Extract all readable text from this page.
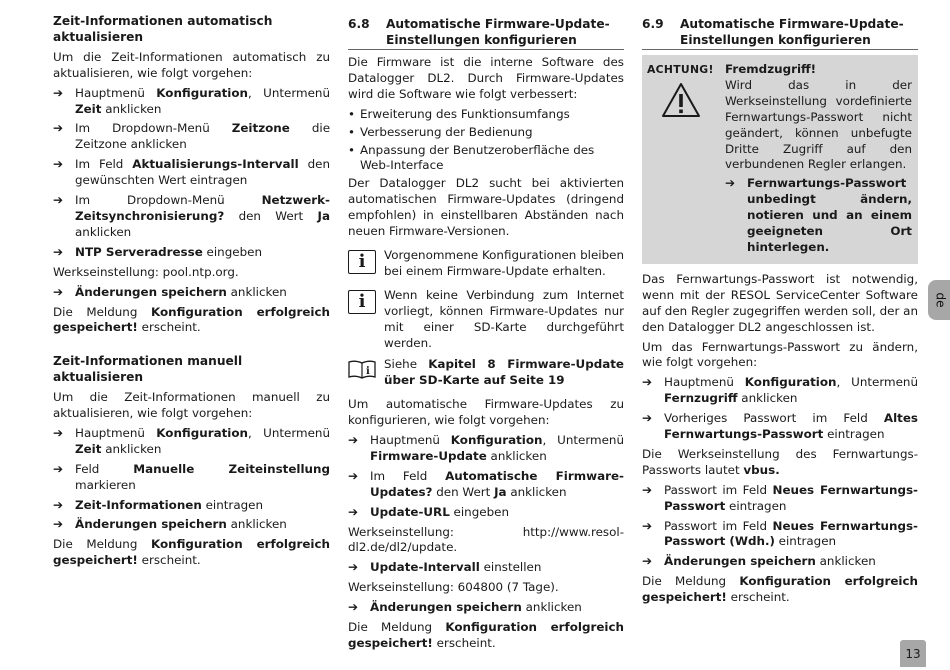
Zeit-Informationen automatisch aktualisieren

Um die Zeit-Informationen automatisch zu aktualisieren, wie folgt vorgehen:

➔	Hauptmenü Konfiguration, Untermenü Zeit anklicken
➔	Im Dropdown-Menü Zeitzone die Zeitzone anklicken
➔	Im Feld Aktualisierungs-Intervall den gewünschten Wert eintragen
➔	Im Dropdown-Menü Netzwerk-Zeitsynchronisierung? den Wert Ja anklicken
➔	NTP Serveradresse eingeben

Werkseinstellung: pool.ntp.org.

➔	Änderungen speichern anklicken

Die Meldung Konfiguration erfolgreich gespeichert! erscheint.

Zeit-Informationen manuell aktualisieren

Um die Zeit-Informationen manuell zu aktualisieren, wie folgt vorgehen:

➔	Hauptmenü Konfiguration, Untermenü Zeit anklicken
➔	Feld Manuelle Zeiteinstellung markieren
➔	Zeit-Informationen eintragen
➔	Änderungen speichern anklicken

Die Meldung Konfiguration erfolgreich gespeichert! erscheint.

6.8	Automatische Firmware-Update-Einstellungen konfigurieren

Die Firmware ist die interne Software des Datalogger DL2. Durch Firmware-Updates wird die Software wie folgt verbessert:

• Erweiterung des Funktionsumfangs
• Verbesserung der Bedienung
• Anpassung der Benutzeroberfläche des Web-Interface

Der Datalogger DL2 sucht bei aktivierten automatischen Firmware-Updates (dringend empfohlen) in einstellbaren Abständen nach neuen Firmware-Versionen.

i	Vorgenommene Konfigurationen bleiben bei einem Firmware-Update erhalten.
i	Wenn keine Verbindung zum Internet vorliegt, können Firmware-Updates nur mit einer SD-Karte durchgeführt werden.
i
Siehe Kapitel 8 Firmware-Update über SD-Karte auf Seite 19

Um automatische Firmware-Updates zu konfigurieren, wie folgt vorgehen:

➔	Hauptmenü Konfiguration, Untermenü Firmware-Update anklicken
➔	Im Feld Automatische Firmware-Updates? den Wert Ja anklicken
➔	Update-URL eingeben

Werkseinstellung: http://www.resol-dl2.de/dl2/update.

➔	Update-Intervall einstellen

Werkseinstellung: 604800 (7 Tage).

➔	Änderungen speichern anklicken

Die Meldung Konfiguration erfolgreich gespeichert! erscheint.

6.9	Automatische Firmware-Update-Einstellungen konfigurieren
ACHTUNG! Fremdzugriff!

Wird das in der Werkseinstellung vordefinierte Fernwartungs-Passwort nicht geändert, können unbefugte Dritte Zugriff auf den verbundenen Regler erlangen.

➔	Fernwartungs-Passwort unbedingt ändern, notieren und an einem geeigneten Ort hinterlegen.

Das Fernwartungs-Passwort ist notwendig, wenn mit der RESOL ServiceCenter Software auf den Regler zugegriffen werden soll, der an den Datalogger DL2 angeschlossen ist.

Um das Fernwartungs-Passwort zu ändern, wie folgt vorgehen:

➔	Hauptmenü Konfiguration, Untermenü Fernzugriff anklicken
➔	Vorheriges Passwort im Feld Altes Fernwartungs-Passwort eintragen

Die Werkseinstellung des Fernwartungs-Passworts lautet vbus.

➔	Passwort im Feld Neues Fernwartungs-Passwort eintragen
➔	Passwort im Feld Neues Fernwartungs-Passwort (Wdh.) eintragen
➔	Änderungen speichern anklicken

Die Meldung Konfiguration erfolgreich gespeichert! erscheint.

de
13
